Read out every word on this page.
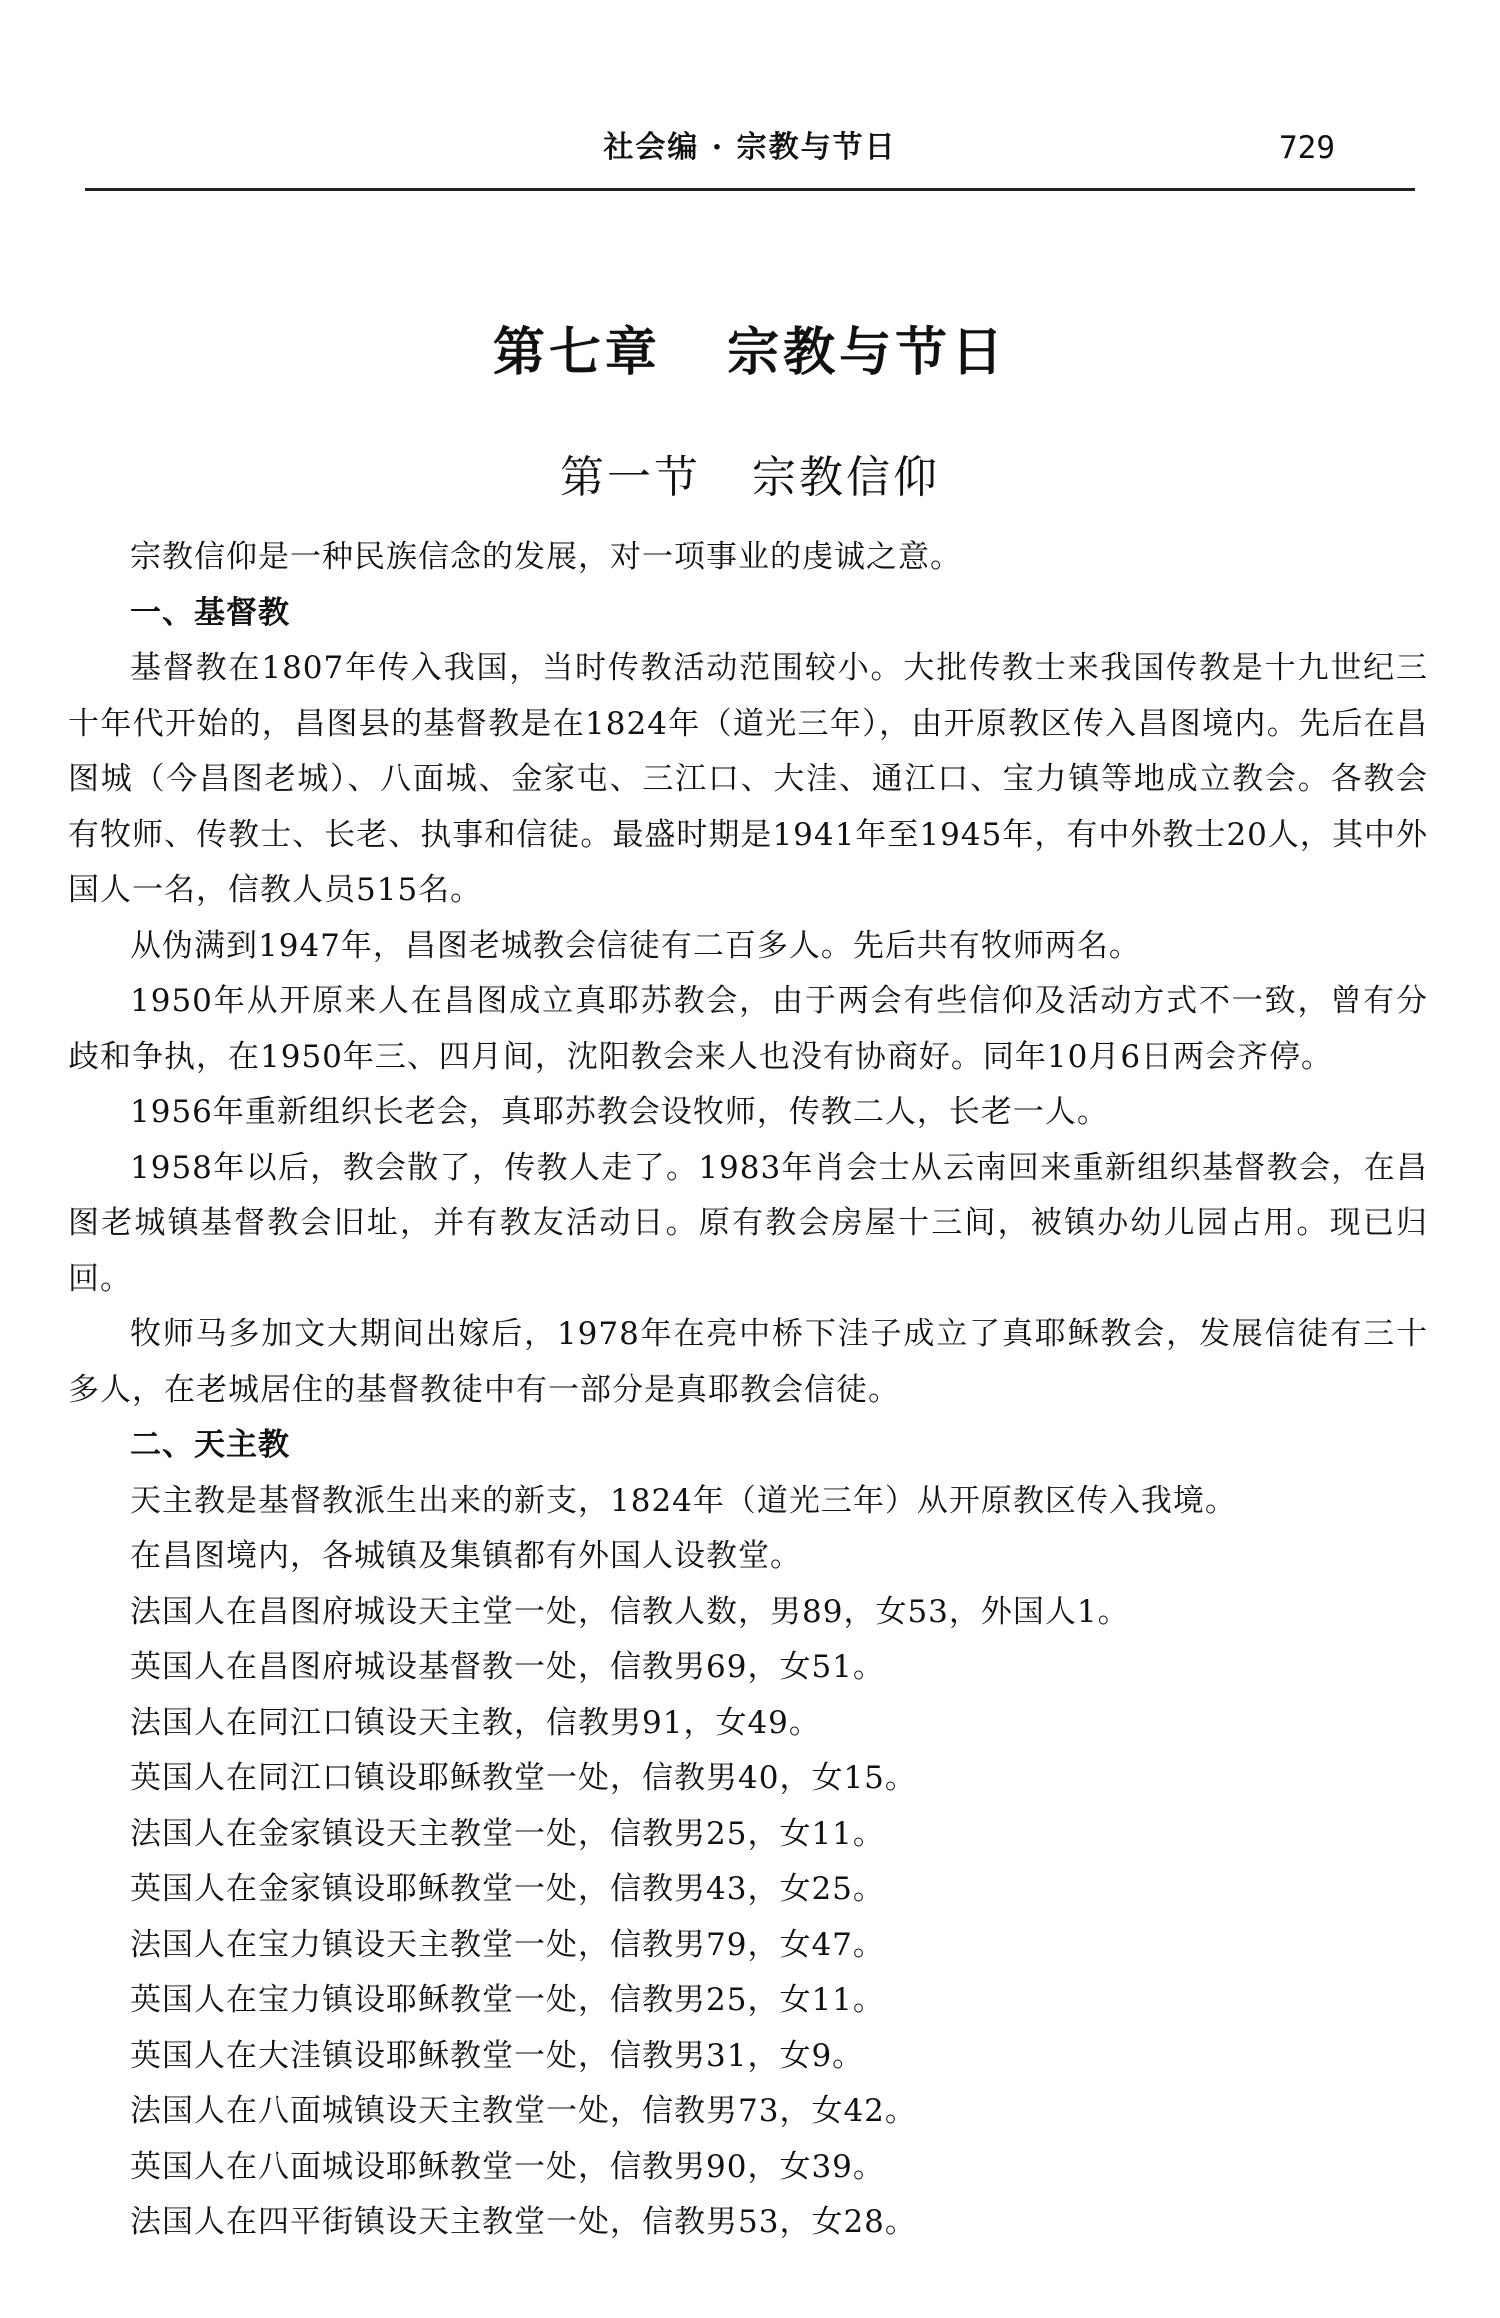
社会编 · 宗教与节日	729
第七章   宗教与节日
第一节   宗教信仰

宗教信仰是一种民族信念的发展，对一项事业的虔诚之意。

一、基督教

基督教在1807年传入我国，当时传教活动范围较小。大批传教士来我国传教是十九世纪三十年代开始的，昌图县的基督教是在1824年（道光三年），由开原教区传入昌图境内。先后在昌图城（今昌图老城）、八面城、金家屯、三江口、大洼、通江口、宝力镇等地成立教会。各教会有牧师、传教士、长老、执事和信徒。最盛时期是1941年至1945年，有中外教士20人，其中外国人一名，信教人员515名。

从伪满到1947年，昌图老城教会信徒有二百多人。先后共有牧师两名。

1950年从开原来人在昌图成立真耶苏教会，由于两会有些信仰及活动方式不一致，曾有分歧和争执，在1950年三、四月间，沈阳教会来人也没有协商好。同年10月6日两会齐停。

1956年重新组织长老会，真耶苏教会设牧师，传教二人，长老一人。

1958年以后，教会散了，传教人走了。1983年肖会士从云南回来重新组织基督教会，在昌图老城镇基督教会旧址，并有教友活动日。原有教会房屋十三间，被镇办幼儿园占用。现已归回。

牧师马多加文大期间出嫁后，1978年在亮中桥下洼子成立了真耶稣教会，发展信徒有三十多人，在老城居住的基督教徒中有一部分是真耶教会信徒。

二、天主教

天主教是基督教派生出来的新支，1824年（道光三年）从开原教区传入我境。

在昌图境内，各城镇及集镇都有外国人设教堂。

法国人在昌图府城设天主堂一处，信教人数，男89，女53，外国人1。

英国人在昌图府城设基督教一处，信教男69，女51。

法国人在同江口镇设天主教，信教男91，女49。

英国人在同江口镇设耶稣教堂一处，信教男40，女15。

法国人在金家镇设天主教堂一处，信教男25，女11。

英国人在金家镇设耶稣教堂一处，信教男43，女25。

法国人在宝力镇设天主教堂一处，信教男79，女47。

英国人在宝力镇设耶稣教堂一处，信教男25，女11。

英国人在大洼镇设耶稣教堂一处，信教男31，女9。

法国人在八面城镇设天主教堂一处，信教男73，女42。

英国人在八面城设耶稣教堂一处，信教男90，女39。

法国人在四平街镇设天主教堂一处，信教男53，女28。
